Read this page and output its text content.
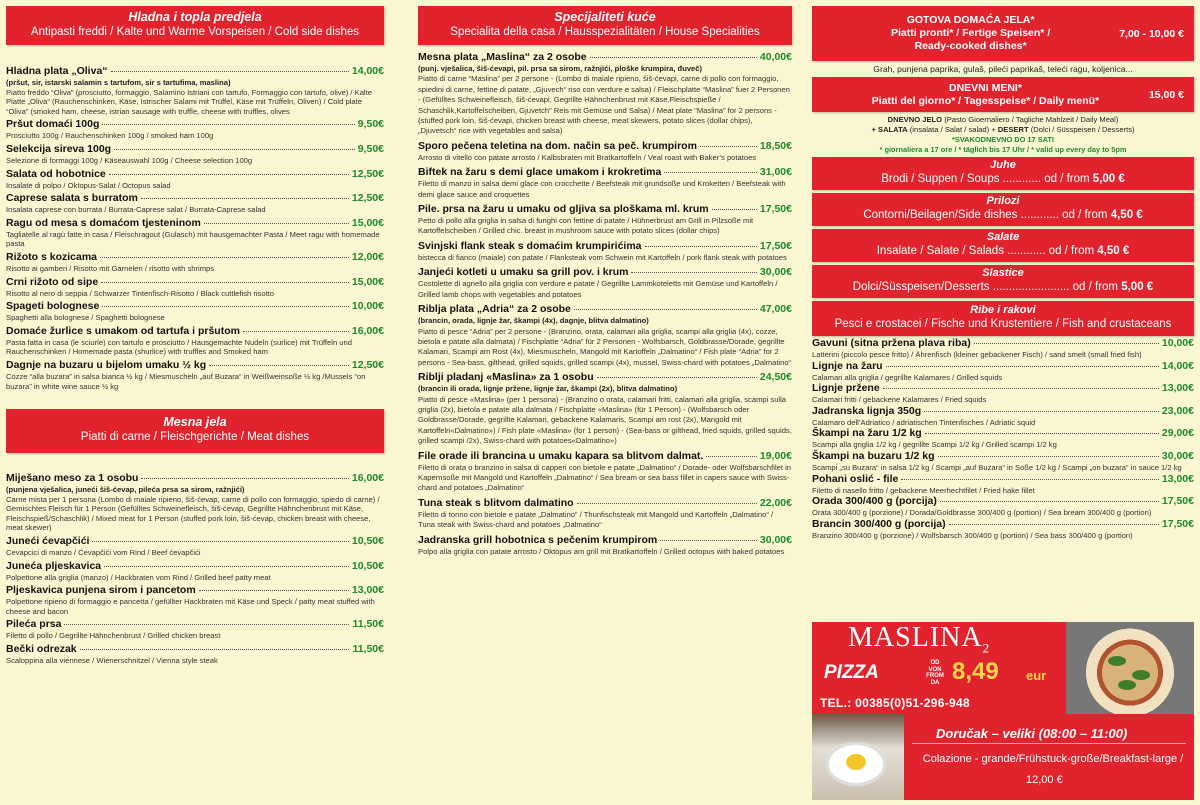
Hladna i topla predjela
Antipasti freddi / Kalte und Warme Vorspeisen / Cold side dishes
Hladna plata „Oliva“	14,00€
(pršut, sir, istarski salamin s tartufom, sir s tartufima, maslina)
Piatto freddo “Oliva” (prosciutto, formaggio, Salamino Istriani con tartufo, Formaggio con tartufo, olive) / Kalte Platte „Oliva“ (Rauchenschinken, Käse, Istrischer Salami mit Trüffel, Käse mit Trüffeln, Oliven) / Cold plate “Oliva” (smoked ham, cheese, istrian sausage with truffle, cheese with truffles, olives
Pršut domaći 100g	9,50€
Prosciutto 100g / Rauchenschinken 100g / smoked ham 100g
Selekcija sireva 100g	9,50€
Selezione di formaggi 100g / Käseauswahl 100g / Cheese selection 100g
Salata od hobotnice	12,50€
Insalate di polpo / Oktopus-Salat / Octopus salad
Caprese salata s burratom	12,50€
Insalata caprese con burrata / Burrata-Caprese salat / Burrata-Caprese salad
Ragu od mesa s domaćom tjesteninom	15,00€
Tagliatelle al ragù fatte in casa / Fleischragout (Gulasch) mit hausgemachter Pasta / Meet ragu with homemade pasta
Rižoto s kozicama	12,00€
Risotto ai gamberi / Risotto mit Garnelen / risotto with shrimps
Crni rižoto od sipe	15,00€
Risotto al nero di seppia / Schwarzer Tintenfisch-Risotto / Black cuttlefish risotto
Spageti bolognese	10,00€
Spaghetti alla bolognese / Spaghetti bolognese
Domaće žurlice s umakom od tartufa i pršutom	16,00€
Pasta fatta in casa (le sciurle) con tartufo e prosciutto / Hausgemachte Nudeln (surlice) mit Trüffeln und Rauchenschinken / Homemade pasta (shurlice) with truffles and Smoked ham
Dagnje na buzaru u bijelom umaku ½ kg	12,50€
Cozze “alla buzara” in salsa bianca ½ kg / Miesmuscheln „auf Buzara“ in Weißweinsoße ½ kg /Mussels “on buzara” in white wine sauce ½ kg
Mesna jela
Piatti di carne / Fleischgerichte / Meat dishes
Miješano meso za 1 osobu	16,00€
(punjena vješalica, juneći šiš-ćevap, pileća prsa sa sirom, ražnjići)
Carne mista per 1 persona (Lombo di maiale ripieno, šiš-ćevap, carne di pollo con formaggio, spiedo di carne) / Gemischtes Fleisch für 1 Person (Gefülltes Schweinefleisch, šiš-ćevap, Gegrillte Hähnchenbrust mit Käse, Fleischspieß/Schaschlik) / Mixed meat for 1 Person (stuffed pork loin, šiš-ćevap, chicken breast with cheese, meat skewer)
Juneći ćevapčići	10,50€
Cevapcici di manzo / Ćevapčići vom Rind / Beef ćevapčići
Juneća pljeskavica	10,50€
Polpettone alla griglia (manzo) / Hackbraten vom Rind / Grilled beef patty meat
Pljeskavica punjena sirom i pancetom	13,00€
Polpettone ripieno di formaggio e pancetta / gefüllter Hackbraten mit Käse und Speck / patty meat stuffed with cheese and bacon
Pileća prsa	11,50€
Filetto di pollo / Gegrillte Hähnchenbrust / Grilled chicken breast
Bečki odrezak	11,50€
Scaloppina alla viennese / Wienerschnitzel / Vienna style steak
Specijaliteti kuće
Specialita della casa / Hausspezialitäten / House Specialities
Mesna plata „Maslina“ za 2 osobe	40,00€
(punj. vješalica, šiš-ćevapi, pil. prsa sa sirom, ražnjići, ploške krumpira, đuveč)
Piatto di carne “Maslina” per 2 persone - (Lombo di maiale ripieno, šiš-ćevapi, carne di pollo con formaggio, spiedini di carne, fettine di patate, „Gjuvech“ riso con verdure e salsa) / Fleischplatte “Maslina” fuer 2 Personen - (Gefülltes Schweinefleisch, šiš-ćevapi, Gegrillte Hähnchenbrust mit Käse,Fleischspieße / Schaschlik,Kartoffelscheiben, Gjuvetch” Reis mit Gemüse und Salsa) / Meat plate “Maslina” for 2 persons - (stuffed pork loin, šiš-ćevapi, chicken breast with cheese, meat skewers, potato slices (dollar chips), „Djuvetsch“ rice with vegetables and salsa)
Sporo pečena teletina na dom. način sa peč. krumpirom	18,50€
Arrosto di vitello con patate arrosto / Kalbsbraten mit Bratkartoffeln / Veal roast with Baker’s potatoes
Biftek na žaru s demi glace umakom i krokretima	31,00€
Filetto di manzo in salsa demi glace con crocchette / Beefsteak mit grundsoße und Kroketten / Beefsteak with demi glace sauce and croquettes
Pile. prsa na žaru u umaku od gljiva sa ploškama ml. krum	17,50€
Petto di pollo alla griglia in salsa di funghi con fettine di patate / Hühnerbrust am Grill in Pilzsoße mit Kartoffelscheiben / Grilled chic. breast in mushroom sauce with potato slices (dollar chips)
Svinjski flank steak s domaćim krumpirićima	17,50€
bistecca di fianco (maiale) con patate / Flanksteak vom Schwein mit Kartoffeln / pork flank steak with potatoes
Janjeći kotleti u umaku sa grill pov. i krum	30,00€
Costolette di agnello alla griglia con verdure e patate / Gegrillte Lammkoteletts mit Gemüse und Kartoffeln / Grilled lamb chops with vegetables and potatoes
Riblja plata „Adria“ za 2 osobe	47,00€
(brancin, orada, lignje žar, škampi (4x), dagnje, blitva dalmatino)
Piatto di pesce “Adria” per 2 persone - (Branzino, orata, calamari alla griglia, scampi alla griglia (4x), cozze, bietola e patate alla dalmata) / Fischplatte “Adria” für 2 Personen - Wolfsbarsch, Goldbrasse/Dorade, gegrillte Kalamari, Scampi am Rost (4x), Miesmuscheln, Mangold mit Kartoffeln „Dalmatino“ / Fish plate “Adria” for 2 persons - Sea-bass, gilthead, grilled squids, grilled scampi (4x), mussel, Swiss-chard with potatoes „Dalmatino“
Riblji pladanj «Maslina» za 1 osobu	24,50€
(brancin ili orada, lignje pržene, lignje žar, škampi (2x), blitva dalmatino)
Piatto di pesce «Maslina» (per 1 persona) - (Branzino o orata, calamari fritti, calamari alla griglia, scampi sulla griglia (2x), bietola e patate alla dalmata / Fischplatte «Maslina» (für 1 Person) - (Wolfsbarsch oder Goldbrasse/Dorade, gegrillte Kalamari, gebackene Kalamaris, Scampi am rost (2x), Mangold mit Kartoffeln«Dalmatino») / Fish plate «Maslina» (for 1 person) - (Sea-bass or gilthead, fried squids, grilled squids, grilled scampi /2x), Swiss-chard with potatoes«Dalmatino»)
File orade ili brancina u umaku kapara sa blitvom dalmat.	19,00€
Filetto di orata o branzino in salsa di capperi con bietole e patate „Dalmatino“ / Dorade- oder Wolfsbarschfilet in Kapernsoße mit Mangold und Kartoffeln „Dalmatino“ / Sea bream or sea bass fillet in capers sauce with Swiss-chard and potatoes „Dalmatino“
Tuna steak s blitvom dalmatino	22,00€
Filetto di tonno con bietole e patate „Dalmatino“ / Thunfischsteak mit Mangold und Kartoffeln „Dalmatino“ / Tuna steak with Swiss-chard and potatoes „Dalmatino“
Jadranska grill hobotnica s pečenim krumpirom	30,00€
Polpo alla griglia con patate arrosto / Oktopus am grill mit Bratkartoffeln / Grilled octopus with baked potatoes
GOTOVA DOMAĆA JELA*
Piatti pronti* / Fertige Speisen* /
Ready-cooked dishes*
7,00 - 10,00 €
Grah, punjena paprika, gulaš, pileći paprikaš, teleći ragu, koljenica...
DNEVNI MENI*
Piatti del giorno* / Tagesspeise* / Daily menü*	15,00 €
DNEVNO JELO (Pasto Gioernaliero / Tagliche Mahlzeit / Daily Meal)
+ SALATA (insalata / Salat / salad) + DESERT (Dolci / Süsspeisen / Desserts)
*SVAKODNEVNO DO 17 SATI
* giornaliera a 17 ore / * täglich bis 17 Uhr / * valid up every day to 5pm
Juhe
Brodi / Suppen / Soups ............ od / from 5,00 €
Prilozi
Contorni/Beilagen/Side dishes ............ od / from 4,50 €
Salate
Insalate / Salate / Salads ............ od / from 4,50 €
Slastice
Dolci/Süsspeisen/Desserts ........................ od / from 5,00 €
Ribe i rakovi
Pesci e crostacei / Fische und Krustentiere / Fish and crustaceans
Gavuni (sitna pržena plava riba)	10,00€
Latterini (piccolo pesce fritto) / Ährenfisch (kleiner gebackener Fisch) / sand smelt (small fried fish)
Lignje na žaru	14,00€
Calamari alla griglia / gegrillte Kalamares / Grilled squids
Lignje pržene	13,00€
Calamari fritti / gebackene Kalamares / Fried squids
Jadranska lignja 350g	23,00€
Calamaro dell’Adriatico / adriatischen Tintenfisches / Adriatic squid
Škampi na žaru 1/2 kg	29,00€
Scampi alla griglia 1/2 kg / gegrillte Scampi 1/2 kg / Grilled scampi 1/2 kg
Škampi na buzaru 1/2 kg	30,00€
Scampi „su Buzara“ in salsa 1/2 kg / Scampi „auf Buzara“ in Soße 1/2 kg / Scampi „on buzara“ in sauce 1/2 kg
Pohani oslić - file	13,00€
Filetto di nasello fritto / gebackene Meerhechtfilet / Fried hake fillet
Orada 300/400 g (porcija)	17,50€
Orata 300/400 g (porzione) / Dorada/Goldbrasse 300/400 g (portion) / Sea bream 300/400 g (portion)
Brancin 300/400 g (porcija)	17,50€
Branzino 300/400 g (porzione) / Wolfsbarsch 300/400 g (portion) / Sea bass 300/400 g (portion)
$MASLINA_2$
PIZZA	OD VON FROM DA 8,49 eur
TEL.: 00385(0)51-296-948
Doručak – veliki (08:00 – 11:00)
Colazione - grande/Frühstuck-große/Breakfast-large /
12,00 €
